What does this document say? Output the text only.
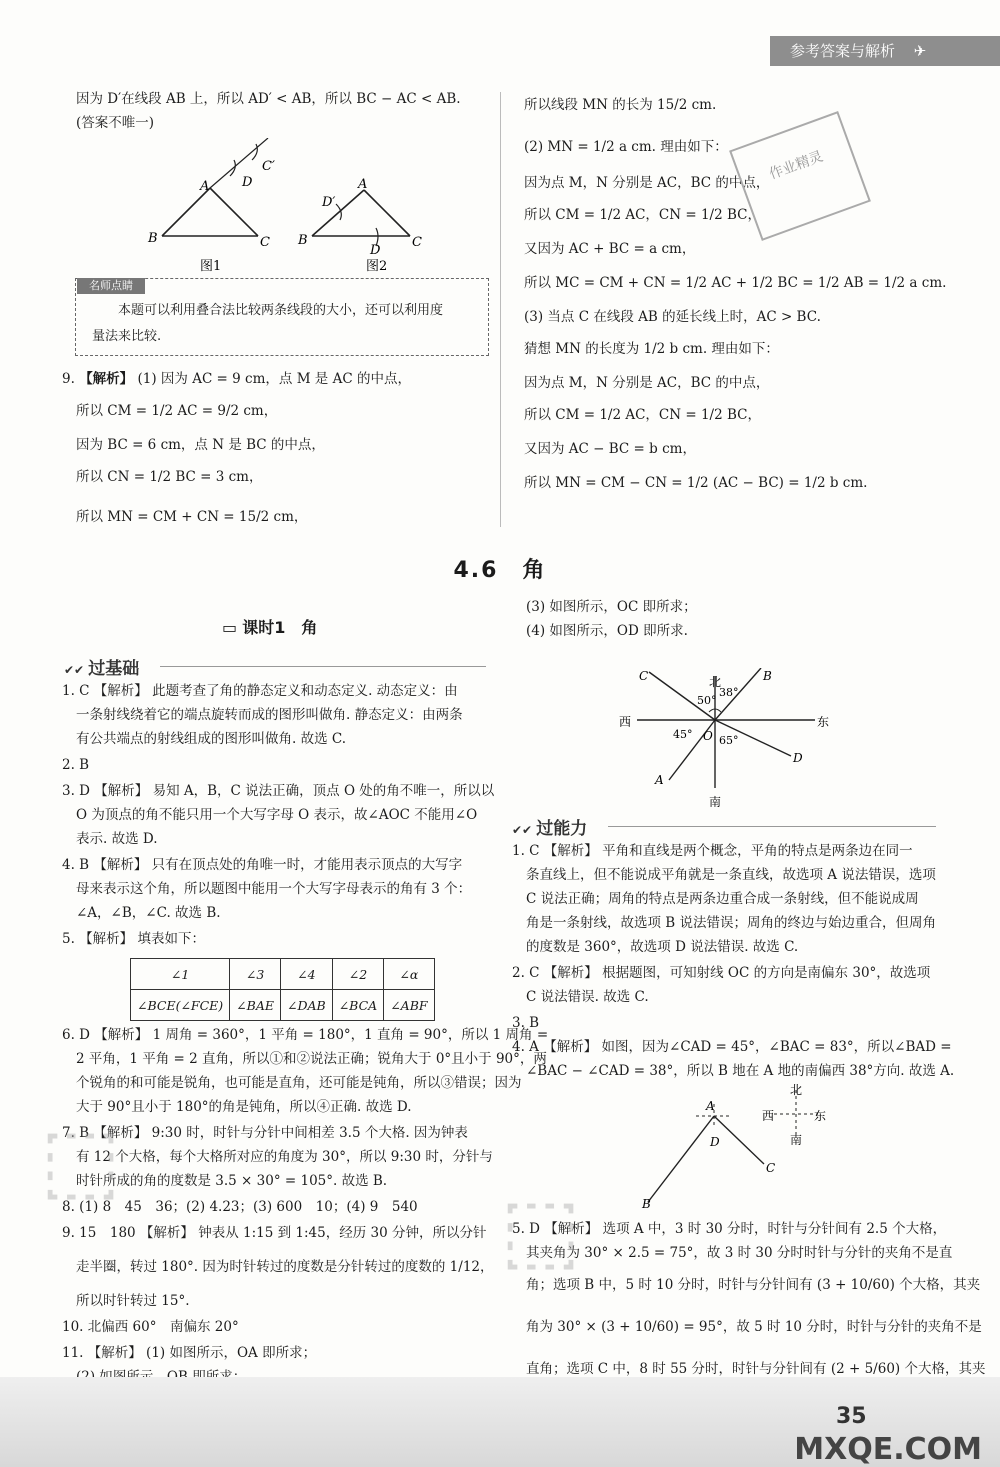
参考答案与解析 ✈
因为 D′在线段 AB 上，所以 AD′ < AB，所以 BC − AC < AB.
(答案不唯一)
A
B	C
D
C′
图1
A
B	C
D
D′
图2
名师点睛
本题可以利用叠合法比较两条线段的大小，还可以利用度
量法来比较.
9. 【解析】 (1) 因为 AC = 9 cm，点 M 是 AC 的中点，
所以 CM = 1/2 AC = 9/2 cm，
因为 BC = 6 cm，点 N 是 BC 的中点，
所以 CN = 1/2 BC = 3 cm，
所以 MN = CM + CN = 15/2 cm，
所以线段 MN 的长为 15/2 cm.
(2) MN = 1/2 a cm. 理由如下：
因为点 M，N 分别是 AC，BC 的中点，
所以 CM = 1/2 AC，CN = 1/2 BC，
又因为 AC + BC = a cm，
所以 MC = CM + CN = 1/2 AC + 1/2 BC = 1/2 AB = 1/2 a cm.
(3) 当点 C 在线段 AB 的延长线上时，AC > BC.
猜想 MN 的长度为 1/2 b cm. 理由如下：
因为点 M，N 分别是 AC，BC 的中点，
所以 CM = 1/2 AC，CN = 1/2 BC，
又因为 AC − BC = b cm，
所以 MN = CM − CN = 1/2 (AC − BC) = 1/2 b cm.
作业精灵
4.6　角
▭ 课时1　角
✔✔ 过基础
1. C 【解析】 此题考查了角的静态定义和动态定义. 动态定义：由
一条射线绕着它的端点旋转而成的图形叫做角. 静态定义：由两条
有公共端点的射线组成的图形叫做角. 故选 C.
2. B
3. D 【解析】 易知 A，B，C 说法正确，顶点 O 处的角不唯一，所以以
O 为顶点的角不能只用一个大写字母 O 表示，故∠AOC 不能用∠O
表示. 故选 D.
4. B 【解析】 只有在顶点处的角唯一时，才能用表示顶点的大写字
母来表示这个角，所以题图中能用一个大写字母表示的角有 3 个：
∠A，∠B，∠C. 故选 B.
5. 【解析】 填表如下：
∠1	∠3	∠4	∠2	∠α
∠BCE(∠FCE)	∠BAE	∠DAB	∠BCA	∠ABF
6. D 【解析】 1 周角 = 360°，1 平角 = 180°，1 直角 = 90°，所以 1 周角 =
2 平角，1 平角 = 2 直角，所以①和②说法正确；锐角大于 0°且小于 90°，两
个锐角的和可能是锐角，也可能是直角，还可能是钝角，所以③错误；因为
大于 90°且小于 180°的角是钝角，所以④正确. 故选 D.
7. B 【解析】 9:30 时，时针与分针中间相差 3.5 个大格. 因为钟表
有 12 个大格，每个大格所对应的角度为 30°，所以 9:30 时，分针与
时针所成的角的度数是 3.5 × 30° = 105°. 故选 B.
8. (1) 8　45　36；(2) 4.23；(3) 600　10；(4) 9　540
9. 15　180 【解析】 钟表从 1:15 到 1:45，经历 30 分钟，所以分针
走半圈，转过 180°. 因为时针转过的度数是分针转过的度数的 1/12，
所以时针转过 15°.
10. 北偏西 60°　南偏东 20°
11. 【解析】 (1) 如图所示，OA 即所求；
(3) 如图所示，OC 即所求；
(4) 如图所示，OD 即所求.
北
南
西	东
50°
38°
45° 65°
O
A
B
C
D
✔✔ 过能力
1. C 【解析】 平角和直线是两个概念，平角的特点是两条边在同一
条直线上，但不能说成平角就是一条直线，故选项 A 说法错误，选项
C 说法正确；周角的特点是两条边重合成一条射线，但不能说成周
角是一条射线，故选项 B 说法错误；周角的终边与始边重合，但周角
的度数是 360°，故选项 D 说法错误. 故选 C.
2. C 【解析】 根据题图，可知射线 OC 的方向是南偏东 30°，故选项
C 说法错误. 故选 C.
3. B
4. A 【解析】 如图，因为∠CAD = 45°，∠BAC = 83°，所以∠BAD =
∠BAC − ∠CAD = 38°，所以 B 地在 A 地的南偏西 38°方向. 故选 A.
北
南
西	东
A
B
C
D
5. D 【解析】 选项 A 中，3 时 30 分时，时针与分针间有 2.5 个大格，
其夹角为 30° × 2.5 = 75°，故 3 时 30 分时时针与分针的夹角不是直
角；选项 B 中，5 时 10 分时，时针与分针间有 (3 + 10/60) 个大格，其夹
角为 30° × (3 + 10/60) = 95°，故 5 时 10 分时，时针与分针的夹角不是
直角；选项 C 中，8 时 55 分时，时针与分针间有 (2 + 5/60) 个大格，其夹
⬚
⬚
35
MXQE.COM
